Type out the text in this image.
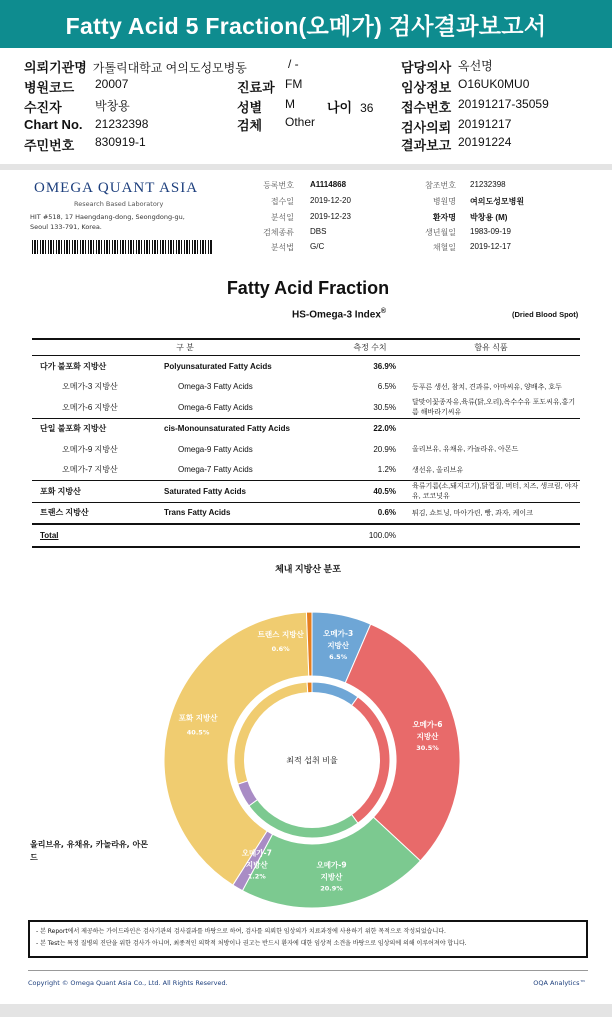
Fatty Acid 5 Fraction(오메가) 검사결과보고서
의뢰기관명 가톨릭대학교 여의도성모병동
병원코드 20007
수진자	박창용
Chart No. 21232398
주민번호 830919-1
/ -
진료과 FM
성별 M 나이 36
검체 Other
담당의사 옥선명
임상정보 O16UK0MU0
접수번호 20191217-35059
검사의뢰 20191217
결과보고 20191224
OMEGA QUANT ASIA
Research Based Laboratory
HIT #518, 17 Haengdang-dong, Seongdong-gu,
Seoul 133-791, Korea.
등록번호 A1114868
접수일 2019-12-20
분석일 2019-12-23
검체종류 DBS
분석법 G/C
참조번호 21232398
병원명 여의도성모병원
환자명 박창용 (M)
생년월일 1983-09-19
채혈일 2019-12-17
Fatty Acid Fraction
HS-Omega-3 Index®	(Dried Blood Spot)
구 분		측정 수치	함유 식품
다가 불포화 지방산	Polyunsaturated Fatty Acids	36.9%	
오메가-3 지방산	Omega-3 Fatty Acids	6.5%	등푸른 생선, 참치, 견과류, 아마씨유, 양배추, 호두
오메가-6 지방산	Omega-6 Fatty Acids	30.5%	달맞이꽃종자유,육류(닭,오리),옥수수유 포도씨유,홍기름 해바라기씨유
단일 불포화 지방산	cis-Monounsaturated Fatty Acids	22.0%	
오메가-9 지방산	Omega-9 Fatty Acids	20.9%	올리브유, 유채유, 카놀라유, 아몬드
오메가-7 지방산	Omega-7 Fatty Acids	1.2%	생선유, 올리브유
포화 지방산	Saturated Fatty Acids	40.5%	육류기름(소,돼지고기),닭껍질, 버터, 치즈, 생크림, 야자유, 코코넛유
트랜스 지방산	Trans Fatty Acids	0.6%	튀김, 쇼트닝, 마아가린, 빵, 과자, 케이크
Total		100.0%	
체내 지방산 분포
최적 섭취 비율
오메가-3 지방산 6.5%
오메가-6 지방산 30.5%
오메가-9 지방산 20.9%
오메가-7 지방산 1.2%
포화 지방산 40.5%
트랜스 지방산 0.6%
올리브유, 유채유, 카놀라유, 아몬드
- 본 Report에서 제공하는 가이드라인은 검사기관의 검사결과를 바탕으로 하여, 검사를 의뢰한 임상의가 치료과정에 사용하기 위한 목적으로 작성되었습니다.
- 본 Test는 특정 질병의 진단을 위한 검사가 아니며, 최종적인 의학적 처방이나 권고는 반드시 환자에 대한 임상적 소견을 바탕으로 임상의에 의해 이루어져야 합니다.
Copyright © Omega Quant Asia Co., Ltd. All Rights Reserved.	OQA Analytics™
